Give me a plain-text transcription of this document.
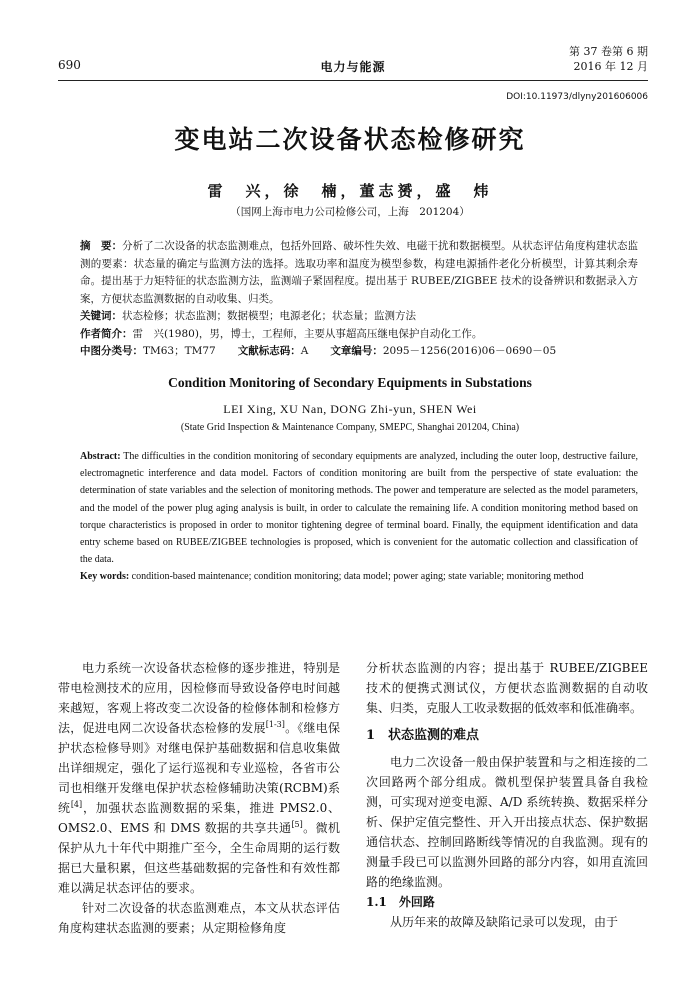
690	电力与能源
第 37 卷第 6 期
2016 年 12 月
DOI:10.11973/dlyny201606006
变电站二次设备状态检修研究
雷　兴，徐　楠，董志赟，盛　炜
（国网上海市电力公司检修公司，上海　201204）

摘　要：分析了二次设备的状态监测难点，包括外回路、破坏性失效、电磁干扰和数据模型。从状态评估角度构建状态监测的要素：状态量的确定与监测方法的选择。选取功率和温度为模型参数，构建电源插件老化分析模型，计算其剩余寿命。提出基于力矩特征的状态监测方法，监测端子紧固程度。提出基于 RUBEE/ZIGBEE 技术的设备辨识和数据录入方案，方便状态监测数据的自动收集、归类。

关键词：状态检修；状态监测；数据模型；电源老化；状态量；监测方法

作者简介：雷　兴(1980)，男，博士，工程师，主要从事超高压继电保护自动化工作。

中图分类号：TM63；TM77 文献标志码：A 文章编号：2095－1256(2016)06－0690－05

Condition Monitoring of Secondary Equipments in Substations
LEI Xing, XU Nan, DONG Zhi-yun, SHEN Wei
(State Grid Inspection & Maintenance Company, SMEPC, Shanghai 201204, China)

Abstract: The difficulties in the condition monitoring of secondary equipments are analyzed, including the outer loop, destructive failure, electromagnetic interference and data model. Factors of condition monitoring are built from the perspective of state evaluation: the determination of state variables and the selection of monitoring methods. The power and temperature are selected as the model parameters, and the model of the power plug aging analysis is built, in order to calculate the remaining life. A condition monitoring method based on torque characteristics is proposed in order to monitor tightening degree of terminal board. Finally, the equipment identification and data entry scheme based on RUBEE/ZIGBEE technologies is proposed, which is convenient for the automatic collection and classification of the data.

Key words: condition-based maintenance; condition monitoring; data model; power aging; state variable; monitoring method

电力系统一次设备状态检修的逐步推进，特别是带电检测技术的应用，因检修而导致设备停电时间越来越短，客观上将改变二次设备的检修体制和检修方法，促进电网二次设备状态检修的发展[1-3]。《继电保护状态检修导则》对继电保护基础数据和信息收集做出详细规定，强化了运行巡视和专业巡检，各省市公司也相继开发继电保护状态检修辅助决策(RCBM)系统[4]，加强状态监测数据的采集，推进 PMS2.0、OMS2.0、EMS 和 DMS 数据的共享共通[5]。微机保护从九十年代中期推广至今，全生命周期的运行数据已大量积累，但这些基础数据的完备性和有效性都难以满足状态评估的要求。

针对二次设备的状态监测难点，本文从状态评估角度构建状态监测的要素；从定期检修角度

分析状态监测的内容；提出基于 RUBEE/ZIGBEE 技术的便携式测试仪，方便状态监测数据的自动收集、归类，克服人工收录数据的低效率和低准确率。

1　状态监测的难点

电力二次设备一般由保护装置和与之相连接的二次回路两个部分组成。微机型保护装置具备自我检测，可实现对逆变电源、A/D 系统转换、数据采样分析、保护定值完整性、开入开出接点状态、保护数据通信状态、控制回路断线等情况的自我监测。现有的测量手段已可以监测外回路的部分内容，如用直流回路的绝缘监测。

1.1　外回路

从历年来的故障及缺陷记录可以发现，由于
